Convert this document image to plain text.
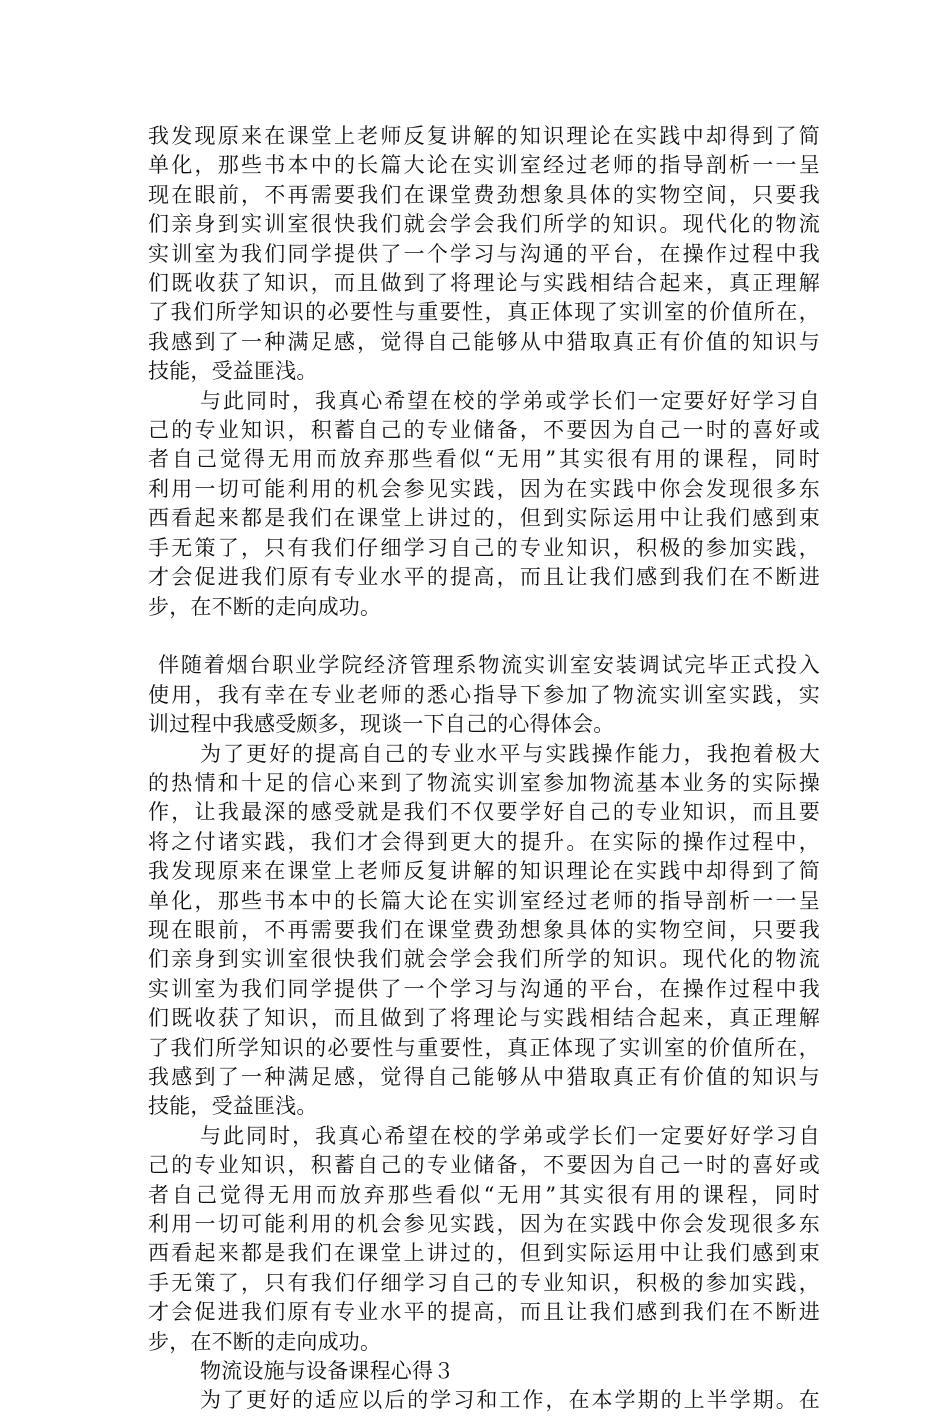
我发现原来在课堂上老师反复讲解的知识理论在实践中却得到了简
单化，那些书本中的长篇大论在实训室经过老师的指导剖析一一呈
现在眼前，不再需要我们在课堂费劲想象具体的实物空间，只要我
们亲身到实训室很快我们就会学会我们所学的知识。现代化的物流
实训室为我们同学提供了一个学习与沟通的平台，在操作过程中我
们既收获了知识，而且做到了将理论与实践相结合起来，真正理解
了我们所学知识的必要性与重要性，真正体现了实训室的价值所在，
我感到了一种满足感，觉得自己能够从中猎取真正有价值的知识与
技能，受益匪浅。
与此同时，我真心希望在校的学弟或学长们一定要好好学习自
己的专业知识，积蓄自己的专业储备，不要因为自己一时的喜好或
者自己觉得无用而放弃那些看似“无用”其实很有用的课程，同时
利用一切可能利用的机会参见实践，因为在实践中你会发现很多东
西看起来都是我们在课堂上讲过的，但到实际运用中让我们感到束
手无策了，只有我们仔细学习自己的专业知识，积极的参加实践，
才会促进我们原有专业水平的提高，而且让我们感到我们在不断进
步，在不断的走向成功。
伴随着烟台职业学院经济管理系物流实训室安装调试完毕正式投入
使用，我有幸在专业老师的悉心指导下参加了物流实训室实践，实
训过程中我感受颇多，现谈一下自己的心得体会。
为了更好的提高自己的专业水平与实践操作能力，我抱着极大
的热情和十足的信心来到了物流实训室参加物流基本业务的实际操
作，让我最深的感受就是我们不仅要学好自己的专业知识，而且要
将之付诸实践，我们才会得到更大的提升。在实际的操作过程中，
我发现原来在课堂上老师反复讲解的知识理论在实践中却得到了简
单化，那些书本中的长篇大论在实训室经过老师的指导剖析一一呈
现在眼前，不再需要我们在课堂费劲想象具体的实物空间，只要我
们亲身到实训室很快我们就会学会我们所学的知识。现代化的物流
实训室为我们同学提供了一个学习与沟通的平台，在操作过程中我
们既收获了知识，而且做到了将理论与实践相结合起来，真正理解
了我们所学知识的必要性与重要性，真正体现了实训室的价值所在，
我感到了一种满足感，觉得自己能够从中猎取真正有价值的知识与
技能，受益匪浅。
与此同时，我真心希望在校的学弟或学长们一定要好好学习自
己的专业知识，积蓄自己的专业储备，不要因为自己一时的喜好或
者自己觉得无用而放弃那些看似“无用”其实很有用的课程，同时
利用一切可能利用的机会参见实践，因为在实践中你会发现很多东
西看起来都是我们在课堂上讲过的，但到实际运用中让我们感到束
手无策了，只有我们仔细学习自己的专业知识，积极的参加实践，
才会促进我们原有专业水平的提高，而且让我们感到我们在不断进
步，在不断的走向成功。
物流设施与设备课程心得３
为了更好的适应以后的学习和工作，在本学期的上半学期。在
